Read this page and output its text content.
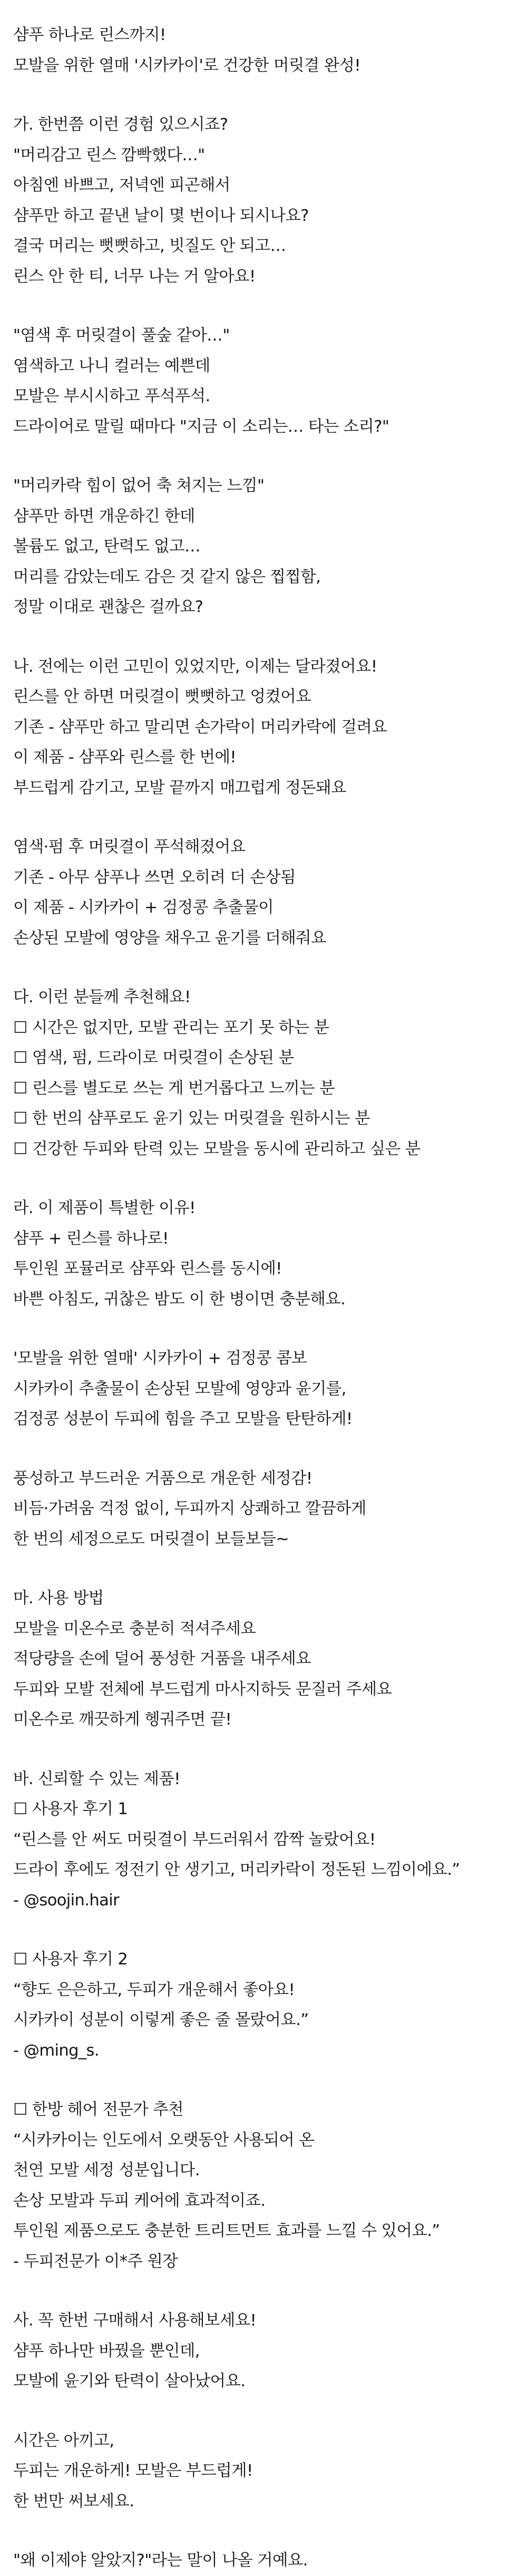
샴푸 하나로 린스까지!
모발을 위한 열매 '시카카이'로 건강한 머릿결 완성!
가. 한번쯤 이런 경험 있으시죠?
"머리감고 린스 깜빡했다…"
아침엔 바쁘고, 저녁엔 피곤해서
샴푸만 하고 끝낸 날이 몇 번이나 되시나요?
결국 머리는 뻣뻣하고, 빗질도 안 되고…
린스 안 한 티, 너무 나는 거 알아요!
"염색 후 머릿결이 풀숲 같아…"
염색하고 나니 컬러는 예쁜데
모발은 부시시하고 푸석푸석.
드라이어로 말릴 때마다 "지금 이 소리는… 타는 소리?"
"머리카락 힘이 없어 축 쳐지는 느낌"
샴푸만 하면 개운하긴 한데
볼륨도 없고, 탄력도 없고…
머리를 감았는데도 감은 것 같지 않은 찝찝함,
정말 이대로 괜찮은 걸까요?
나. 전에는 이런 고민이 있었지만, 이제는 달라졌어요!
린스를 안 하면 머릿결이 뻣뻣하고 엉켰어요
기존 - 샴푸만 하고 말리면 손가락이 머리카락에 걸려요
이 제품 - 샴푸와 린스를 한 번에!
부드럽게 감기고, 모발 끝까지 매끄럽게 정돈돼요
염색·펌 후 머릿결이 푸석해졌어요
기존 - 아무 샴푸나 쓰면 오히려 더 손상됨
이 제품 - 시카카이 + 검정콩 추출물이
손상된 모발에 영양을 채우고 윤기를 더해줘요
다. 이런 분들께 추천해요!
☐ 시간은 없지만, 모발 관리는 포기 못 하는 분
☐ 염색, 펌, 드라이로 머릿결이 손상된 분
☐ 린스를 별도로 쓰는 게 번거롭다고 느끼는 분
☐ 한 번의 샴푸로도 윤기 있는 머릿결을 원하시는 분
☐ 건강한 두피와 탄력 있는 모발을 동시에 관리하고 싶은 분
라. 이 제품이 특별한 이유!
샴푸 + 린스를 하나로!
투인원 포뮬러로 샴푸와 린스를 동시에!
바쁜 아침도, 귀찮은 밤도 이 한 병이면 충분해요.
'모발을 위한 열매' 시카카이 + 검정콩 콤보
시카카이 추출물이 손상된 모발에 영양과 윤기를,
검정콩 성분이 두피에 힘을 주고 모발을 탄탄하게!
풍성하고 부드러운 거품으로 개운한 세정감!
비듬·가려움 걱정 없이, 두피까지 상쾌하고 깔끔하게
한 번의 세정으로도 머릿결이 보들보들~
마. 사용 방법
모발을 미온수로 충분히 적셔주세요
적당량을 손에 덜어 풍성한 거품을 내주세요
두피와 모발 전체에 부드럽게 마사지하듯 문질러 주세요
미온수로 깨끗하게 헹궈주면 끝!
바. 신뢰할 수 있는 제품!
☐ 사용자 후기 1
“린스를 안 써도 머릿결이 부드러워서 깜짝 놀랐어요!
드라이 후에도 정전기 안 생기고, 머리카락이 정돈된 느낌이에요.”
- @soojin.hair
☐ 사용자 후기 2
“향도 은은하고, 두피가 개운해서 좋아요!
시카카이 성분이 이렇게 좋은 줄 몰랐어요.”
- @ming_s.
☐ 한방 헤어 전문가 추천
“시카카이는 인도에서 오랫동안 사용되어 온
천연 모발 세정 성분입니다.
손상 모발과 두피 케어에 효과적이죠.
투인원 제품으로도 충분한 트리트먼트 효과를 느낄 수 있어요.”
- 두피전문가 이*주 원장
사. 꼭 한번 구매해서 사용해보세요!
샴푸 하나만 바꿨을 뿐인데,
모발에 윤기와 탄력이 살아났어요.
시간은 아끼고,
두피는 개운하게! 모발은 부드럽게!
한 번만 써보세요.
"왜 이제야 알았지?"라는 말이 나올 거예요.
